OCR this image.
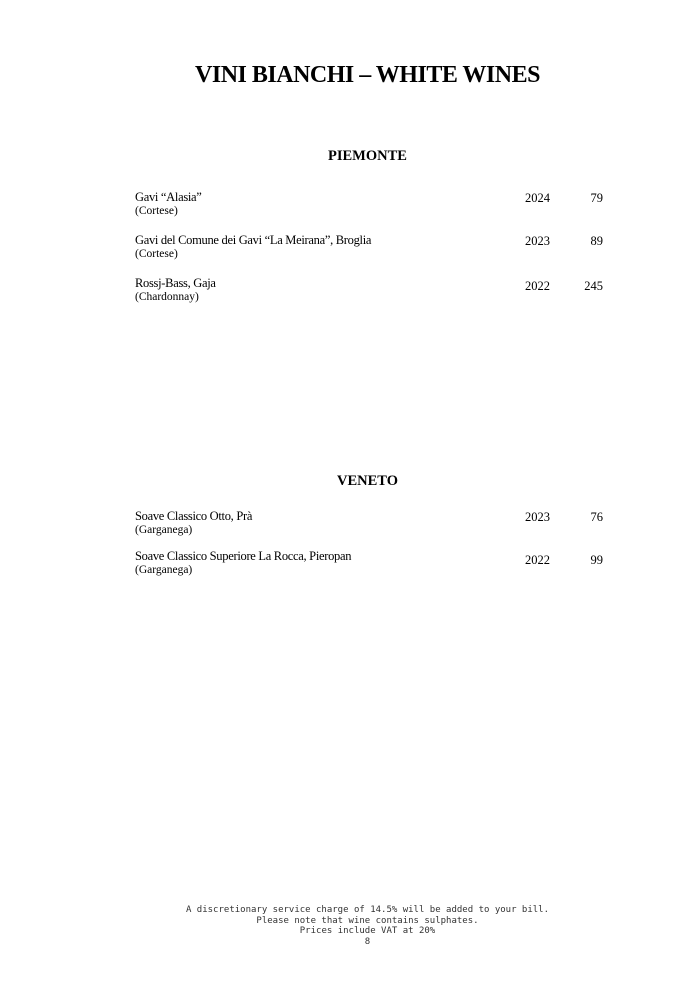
VINI BIANCHI – WHITE WINES
PIEMONTE
Gavi “Alasia”
(Cortese)
2024	79
Gavi del Comune dei Gavi “La Meirana”, Broglia
(Cortese)
2023	89
Rossj-Bass, Gaja
(Chardonnay)
2022	245
VENETO
Soave Classico Otto, Prà
(Garganega)
2023	76
Soave Classico Superiore La Rocca, Pieropan
(Garganega)
2022	99
A discretionary service charge of 14.5% will be added to your bill.
Please note that wine contains sulphates.
Prices include VAT at 20%
8
